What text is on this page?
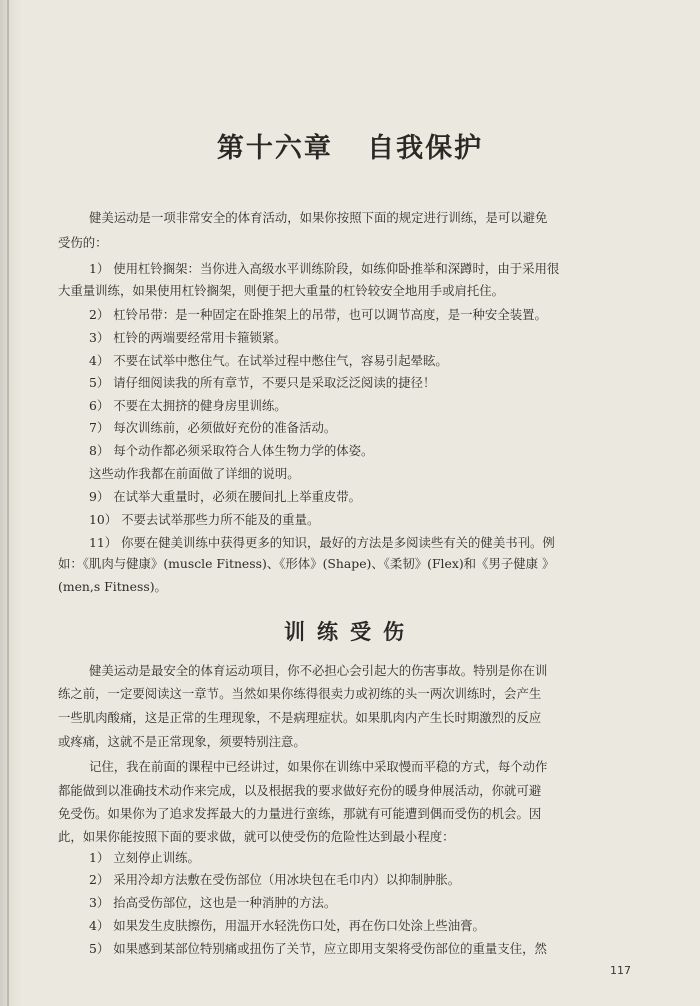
第十六章   自我保护
健美运动是一项非常安全的体育活动，如果你按照下面的规定进行训练，是可以避免
受伤的：
1） 使用杠铃搁架：当你进入高级水平训练阶段，如练仰卧推举和深蹲时，由于采用很
大重量训练，如果使用杠铃搁架，则便于把大重量的杠铃较安全地用手或肩托住。
2） 杠铃吊带：是一种固定在卧推架上的吊带，也可以调节高度，是一种安全装置。
3） 杠铃的两端要经常用卡箍锁紧。
4） 不要在试举中憋住气。在试举过程中憋住气，容易引起晕眩。
5） 请仔细阅读我的所有章节，不要只是采取泛泛阅读的捷径！
6） 不要在太拥挤的健身房里训练。
7） 每次训练前，必须做好充份的准备活动。
8） 每个动作都必须采取符合人体生物力学的体姿。
这些动作我都在前面做了详细的说明。
9） 在试举大重量时，必须在腰间扎上举重皮带。
10） 不要去试举那些力所不能及的重量。
11） 你要在健美训练中获得更多的知识，最好的方法是多阅读些有关的健美书刊。例
如：《肌肉与健康》(muscle Fitness)、《形体》(Shape)、《柔韧》(Flex)和《男子健康 》
(men,s Fitness)。
训练受伤
健美运动是最安全的体育运动项目，你不必担心会引起大的伤害事故。特别是你在训
练之前，一定要阅读这一章节。当然如果你练得很卖力或初练的头一两次训练时，会产生
一些肌肉酸痛，这是正常的生理现象，不是病理症状。如果肌肉内产生长时期激烈的反应
或疼痛，这就不是正常现象，须要特别注意。
记住，我在前面的课程中已经讲过，如果你在训练中采取慢而平稳的方式，每个动作
都能做到以准确技术动作来完成，以及根据我的要求做好充份的暖身伸展活动，你就可避
免受伤。如果你为了追求发挥最大的力量进行蛮练，那就有可能遭到偶而受伤的机会。因
此，如果你能按照下面的要求做，就可以使受伤的危险性达到最小程度：
1） 立刻停止训练。
2） 采用冷却方法敷在受伤部位（用冰块包在毛巾内）以抑制肿胀。
3） 抬高受伤部位，这也是一种消肿的方法。
4） 如果发生皮肤擦伤，用温开水轻洗伤口处，再在伤口处涂上些油膏。
5） 如果感到某部位特别痛或扭伤了关节，应立即用支架将受伤部位的重量支住，然
117
